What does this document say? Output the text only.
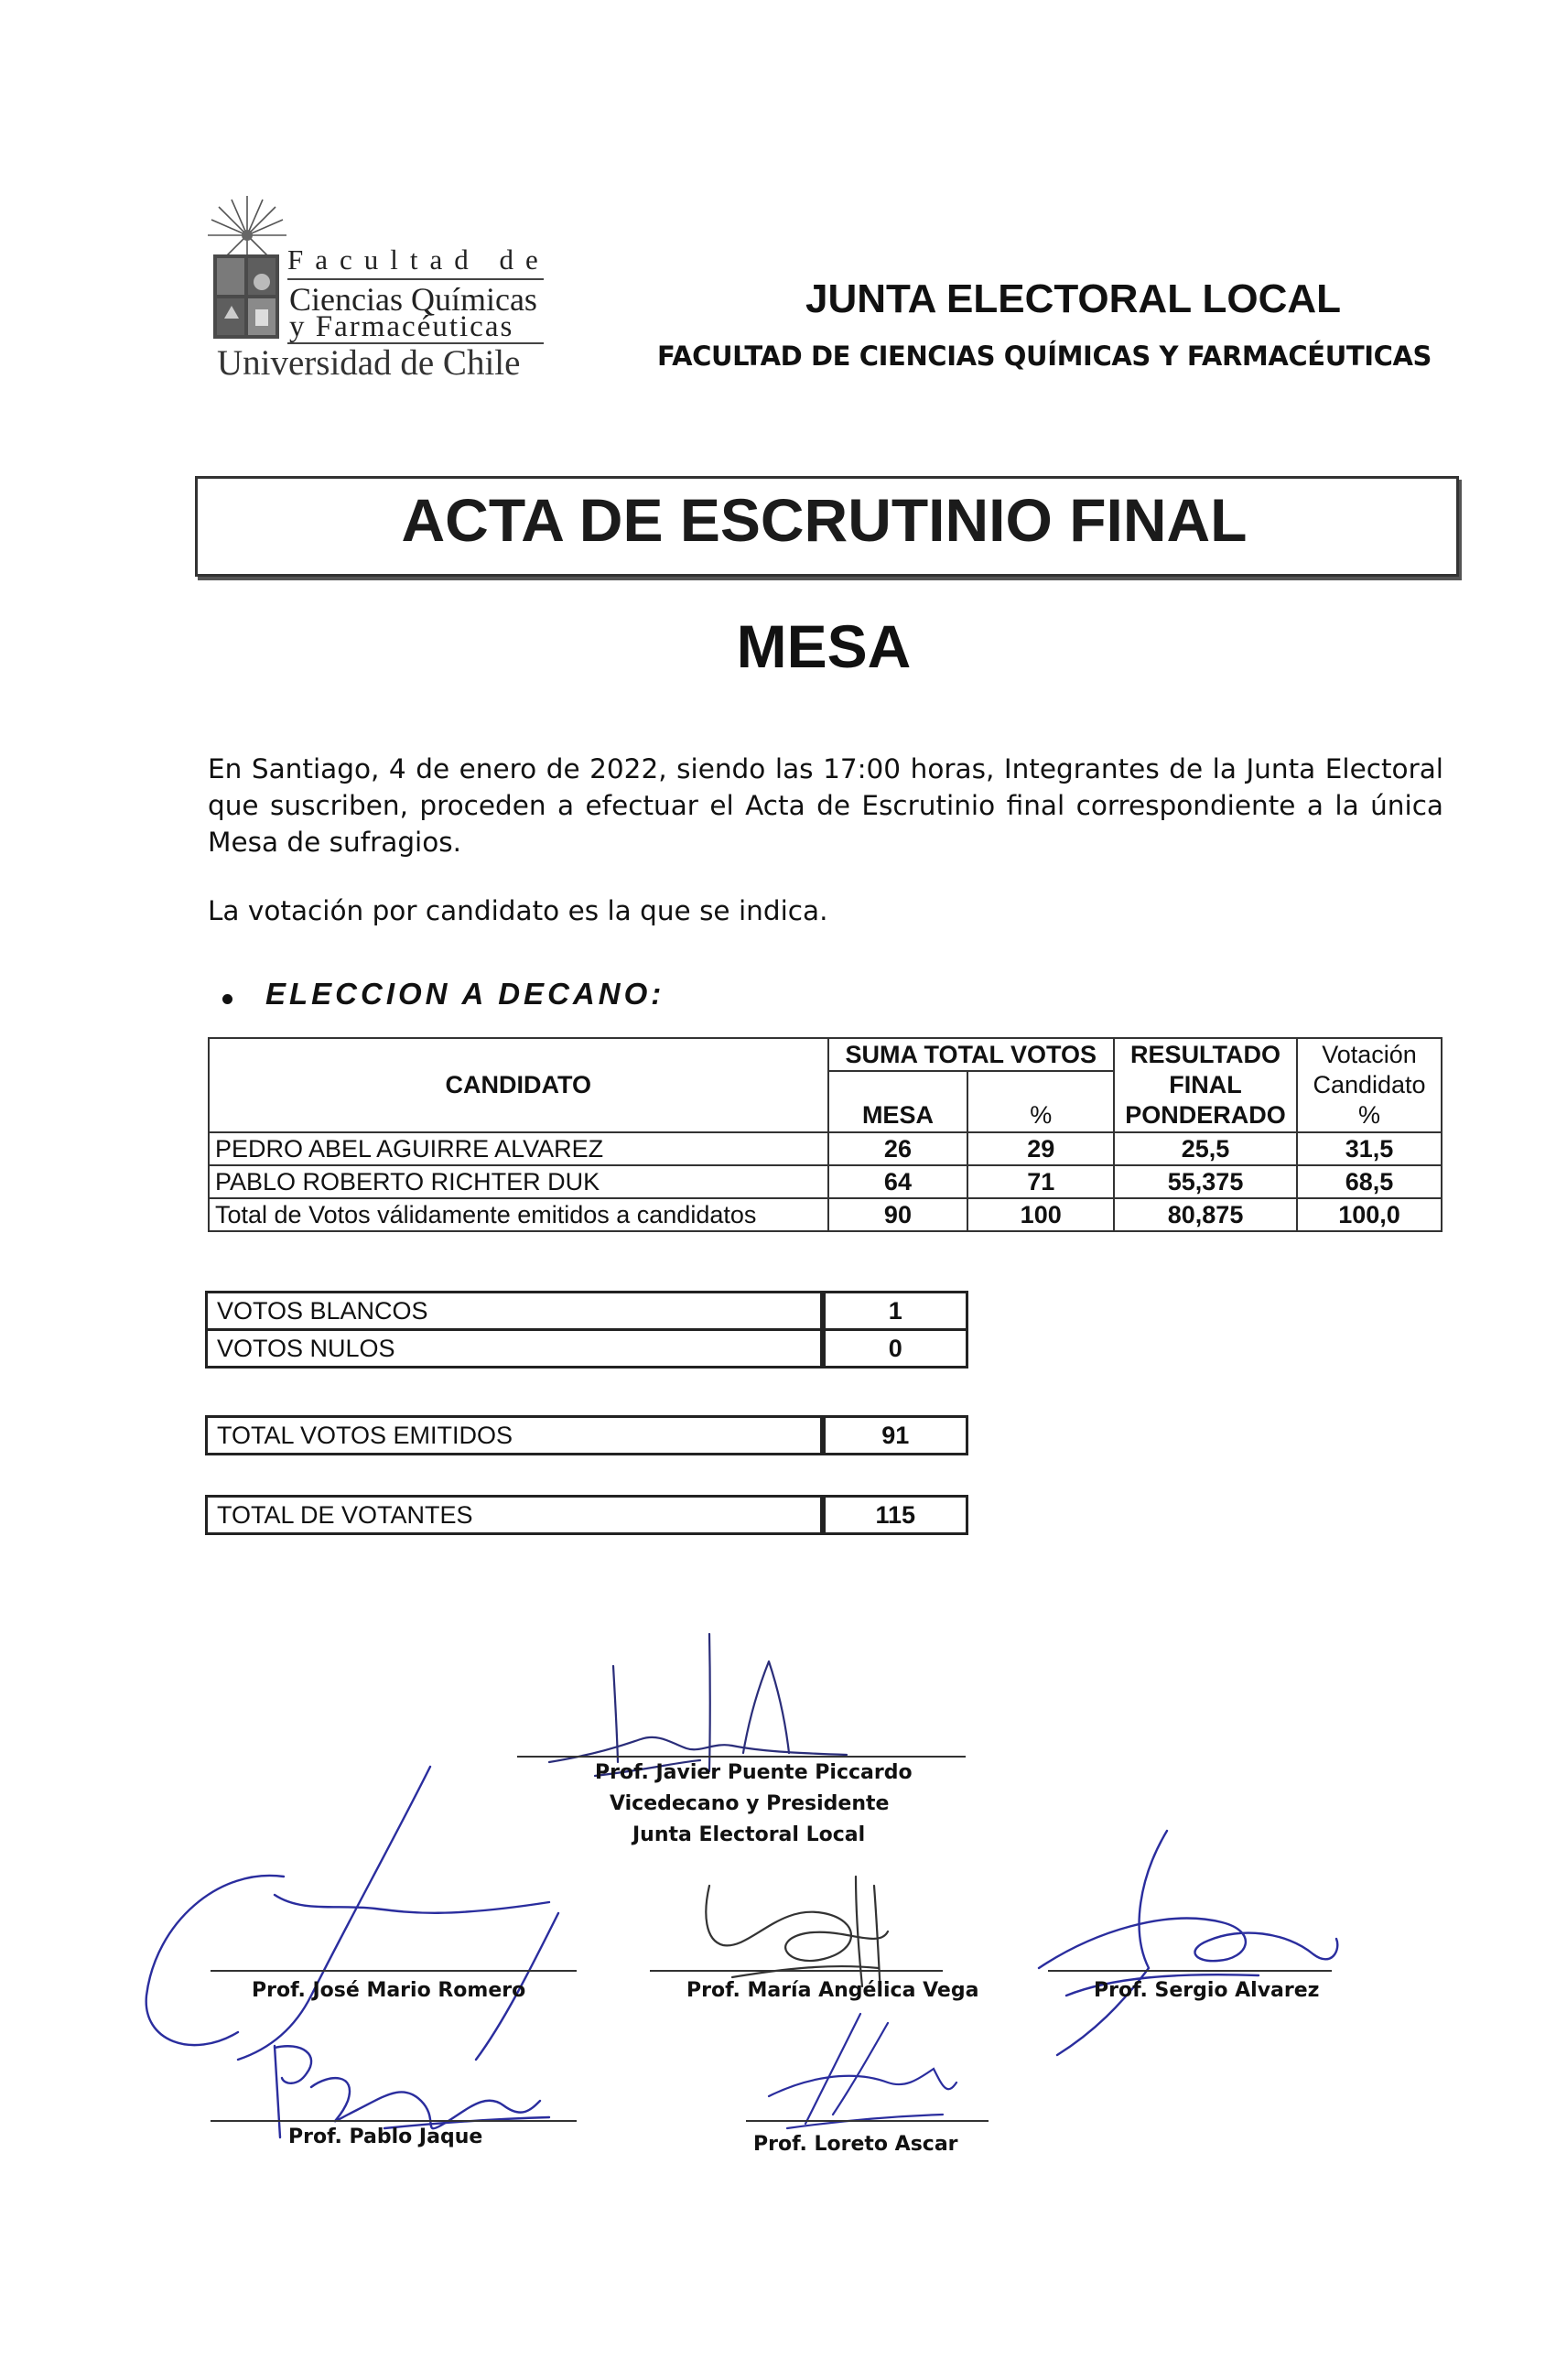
Facultad de
Ciencias Químicas
y Farmacéuticas
Universidad de Chile
JUNTA ELECTORAL LOCAL
FACULTAD DE CIENCIAS QUÍMICAS Y FARMACÉUTICAS
ACTA DE ESCRUTINIO FINAL
MESA
En Santiago, 4 de enero de 2022, siendo las 17:00 horas, Integrantes de la Junta Electoral que suscriben, proceden a efectuar el Acta de Escrutinio final correspondiente a la única Mesa de sufragios.
La votación por candidato es la que se indica.
ELECCION A DECANO:
CANDIDATO	SUMA TOTAL VOTOS		RESULTADO	Votación
			FINAL	Candidato
	MESA	%	PONDERADO	%
PEDRO ABEL AGUIRRE ALVAREZ	26	29	25,5	31,5
PABLO ROBERTO RICHTER DUK	64	71	55,375	68,5
Total de Votos válidamente emitidos a candidatos	90	100	80,875	100,0
VOTOS BLANCOS	1
VOTOS NULOS	0
TOTAL VOTOS EMITIDOS	91
TOTAL DE VOTANTES	115
Prof. Javier Puente Piccardo
Vicedecano y Presidente
Junta Electoral Local
Prof. José Mario Romero	Prof. María Angélica Vega	Prof. Sergio Alvarez
Prof. Pablo Jaque	Prof. Loreto Ascar
